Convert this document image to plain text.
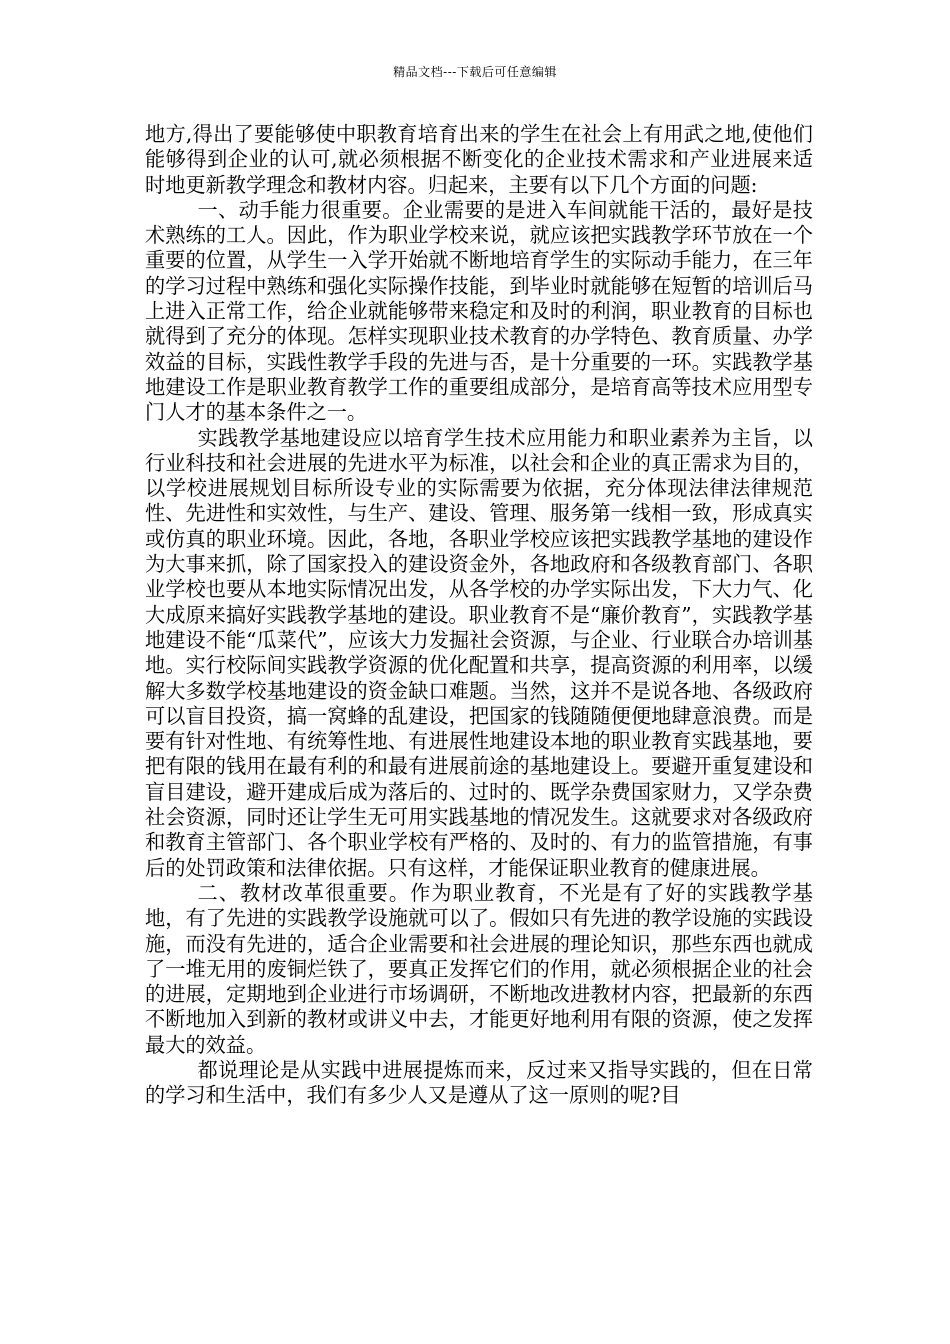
精品文档---下载后可任意编辑

地方,得出了要能够使中职教育培育出来的学生在社会上有用武之地,使他们能够得到企业的认可,就必须根据不断变化的企业技术需求和产业进展来适时地更新教学理念和教材内容。归起来，主要有以下几个方面的问题:

一、动手能力很重要。企业需要的是进入车间就能干活的，最好是技术熟练的工人。因此，作为职业学校来说，就应该把实践教学环节放在一个重要的位置，从学生一入学开始就不断地培育学生的实际动手能力，在三年的学习过程中熟练和强化实际操作技能，到毕业时就能够在短暂的培训后马上进入正常工作，给企业就能够带来稳定和及时的利润，职业教育的目标也就得到了充分的体现。怎样实现职业技术教育的办学特色、教育质量、办学效益的目标，实践性教学手段的先进与否，是十分重要的一环。实践教学基地建设工作是职业教育教学工作的重要组成部分，是培育高等技术应用型专门人才的基本条件之一。

实践教学基地建设应以培育学生技术应用能力和职业素养为主旨，以行业科技和社会进展的先进水平为标准，以社会和企业的真正需求为目的，以学校进展规划目标所设专业的实际需要为依据，充分体现法律法律规范性、先进性和实效性，与生产、建设、管理、服务第一线相一致，形成真实或仿真的职业环境。因此，各地，各职业学校应该把实践教学基地的建设作为大事来抓，除了国家投入的建设资金外，各地政府和各级教育部门、各职业学校也要从本地实际情况出发，从各学校的办学实际出发，下大力气、化大成原来搞好实践教学基地的建设。职业教育不是“廉价教育”，实践教学基地建设不能“瓜菜代”，应该大力发掘社会资源，与企业、行业联合办培训基地。实行校际间实践教学资源的优化配置和共享，提高资源的利用率，以缓解大多数学校基地建设的资金缺口难题。当然，这并不是说各地、各级政府可以盲目投资，搞一窝蜂的乱建设，把国家的钱随随便便地肆意浪费。而是要有针对性地、有统筹性地、有进展性地建设本地的职业教育实践基地，要把有限的钱用在最有利的和最有进展前途的基地建设上。要避开重复建设和盲目建设，避开建成后成为落后的、过时的、既学杂费国家财力，又学杂费社会资源，同时还让学生无可用实践基地的情况发生。这就要求对各级政府和教育主管部门、各个职业学校有严格的、及时的、有力的监管措施，有事后的处罚政策和法律依据。只有这样，才能保证职业教育的健康进展。

二、教材改革很重要。作为职业教育，不光是有了好的实践教学基地，有了先进的实践教学设施就可以了。假如只有先进的教学设施的实践设施，而没有先进的，适合企业需要和社会进展的理论知识，那些东西也就成了一堆无用的废铜烂铁了，要真正发挥它们的作用，就必须根据企业的社会的进展，定期地到企业进行市场调研，不断地改进教材内容，把最新的东西不断地加入到新的教材或讲义中去，才能更好地利用有限的资源，使之发挥最大的效益。

都说理论是从实践中进展提炼而来，反过来又指导实践的，但在日常的学习和生活中，我们有多少人又是遵从了这一原则的呢?目
